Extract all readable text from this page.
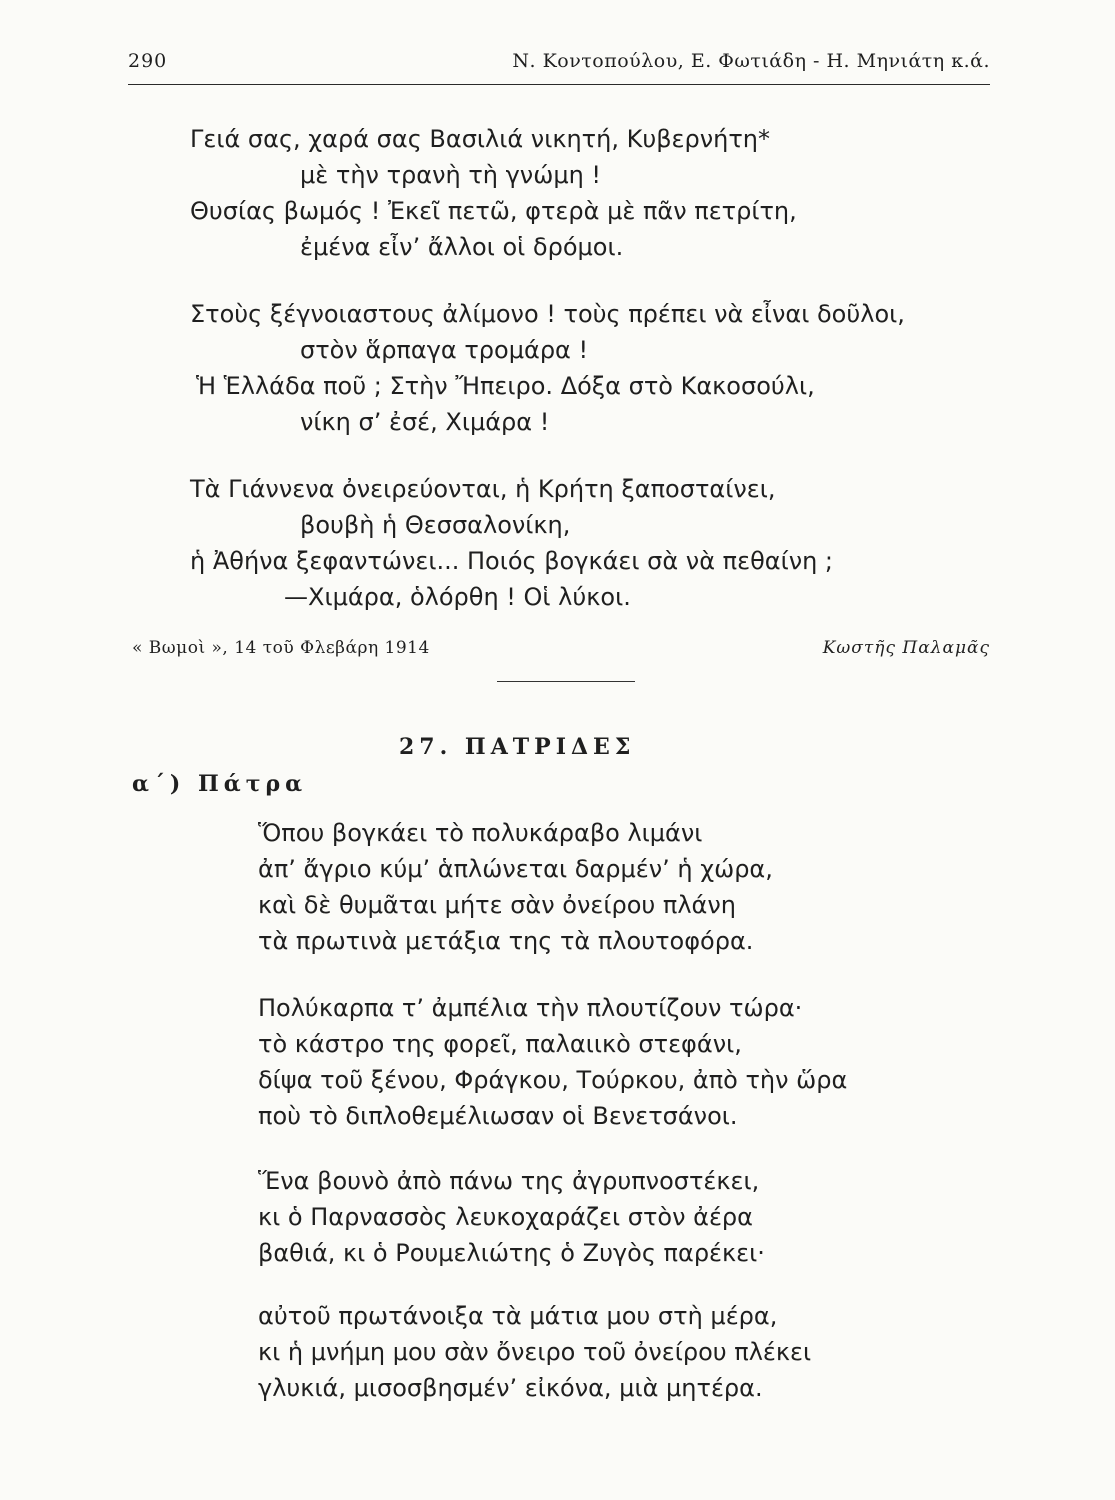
290	Ν. Κοντοπούλου, Ε. Φωτιάδη - Η. Μηνιάτη κ.ά.
Γειά σας, χαρά σας Βασιλιά νικητή, Κυβερνήτη*
μὲ τὴν τρανὴ τὴ γνώμη !
Θυσίας βωμός ! Ἐκεῖ πετῶ, φτερὰ μὲ πᾶν πετρίτη,
ἐμένα εἶν’ ἄλλοι οἱ δρόμοι.
Στοὺς ξέγνοιαστους ἀλίμονο ! τοὺς πρέπει νὰ εἶναι δοῦλοι,
στὸν ἅρπαγα τρομάρα !
Ἡ Ἑλλάδα ποῦ ; Στὴν Ἤπειρο. Δόξα στὸ Κακοσούλι,
νίκη σ’ ἐσέ, Χιμάρα !
Τὰ Γιάννενα ὀνειρεύονται, ἡ Κρήτη ξαποσταίνει,
βουβὴ ἡ Θεσσαλονίκη,
ἡ Ἀθήνα ξεφαντώνει... Ποιός βογκάει σὰ νὰ πεθαίνη ;
—Χιμάρα, ὁλόρθη ! Οἱ λύκοι.
« Βωμοὶ », 14 τοῦ Φλεβάρη 1914	Κωστῆς Παλαμᾶς
27. ΠΑΤΡΙΔΕΣ
α΄) Πάτρα
Ὅπου βογκάει τὸ πολυκάραβο λιμάνι
ἀπ’ ἄγριο κύμ’ ἁπλώνεται δαρμέν’ ἡ χώρα,
καὶ δὲ θυμᾶται μήτε σὰν ὀνείρου πλάνη
τὰ πρωτινὰ μετάξια της τὰ πλουτοφόρα.
Πολύκαρπα τ’ ἀμπέλια τὴν πλουτίζουν τώρα·
τὸ κάστρο της φορεῖ, παλαιικὸ στεφάνι,
δίψα τοῦ ξένου, Φράγκου, Τούρκου, ἀπὸ τὴν ὥρα
ποὺ τὸ διπλοθεμέλιωσαν οἱ Βενετσάνοι.
Ἕνα βουνὸ ἀπὸ πάνω της ἀγρυπνοστέκει,
κι ὁ Παρνασσὸς λευκοχαράζει στὸν ἀέρα
βαθιά, κι ὁ Ρουμελιώτης ὁ Ζυγὸς παρέκει·
αὐτοῦ πρωτάνοιξα τὰ μάτια μου στὴ μέρα,
κι ἡ μνήμη μου σὰν ὄνειρο τοῦ ὀνείρου πλέκει
γλυκιά, μισοσβησμέν’ εἰκόνα, μιὰ μητέρα.
